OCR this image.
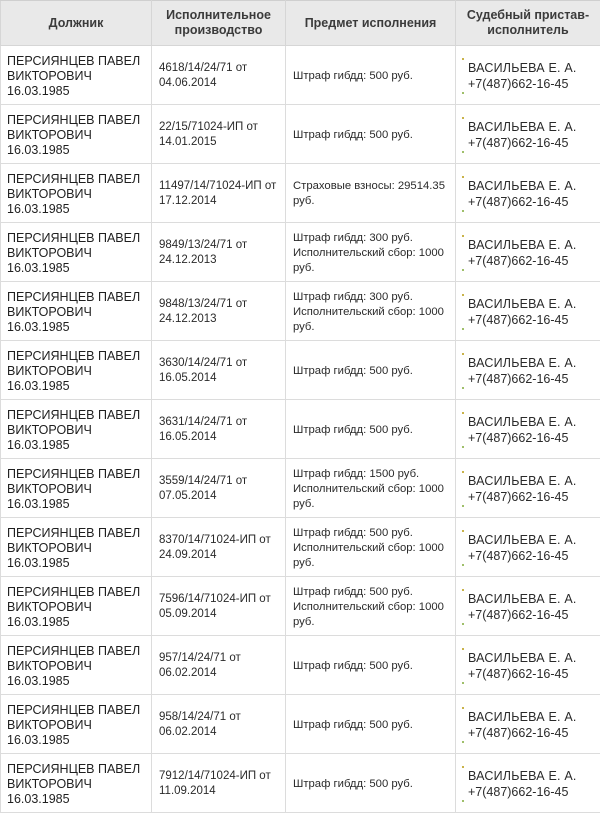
Должник	Исполнительное производство	Предмет исполнения	Судебный пристав-исполнитель

ПЕРСИЯНЦЕВ ПАВЕЛ
ВИКТОРОВИЧ
16.03.1985	4618/14/24/71 от
04.06.2014	Штраф гибдд: 500 руб.	ВАСИЛЬЕВА Е. А.
+7(487)662-16-45

ПЕРСИЯНЦЕВ ПАВЕЛ
ВИКТОРОВИЧ
16.03.1985	22/15/71024-ИП от
14.01.2015	Штраф гибдд: 500 руб.	ВАСИЛЬЕВА Е. А.
+7(487)662-16-45

ПЕРСИЯНЦЕВ ПАВЕЛ
ВИКТОРОВИЧ
16.03.1985	11497/14/71024-ИП от
17.12.2014	Страховые взносы: 29514.35
руб.	ВАСИЛЬЕВА Е. А.
+7(487)662-16-45

ПЕРСИЯНЦЕВ ПАВЕЛ
ВИКТОРОВИЧ
16.03.1985	9849/13/24/71 от
24.12.2013	Штраф гибдд: 300 руб.
Исполнительский сбор: 1000
руб.	ВАСИЛЬЕВА Е. А.
+7(487)662-16-45

ПЕРСИЯНЦЕВ ПАВЕЛ
ВИКТОРОВИЧ
16.03.1985	9848/13/24/71 от
24.12.2013	Штраф гибдд: 300 руб.
Исполнительский сбор: 1000
руб.	ВАСИЛЬЕВА Е. А.
+7(487)662-16-45

ПЕРСИЯНЦЕВ ПАВЕЛ
ВИКТОРОВИЧ
16.03.1985	3630/14/24/71 от
16.05.2014	Штраф гибдд: 500 руб.	ВАСИЛЬЕВА Е. А.
+7(487)662-16-45

ПЕРСИЯНЦЕВ ПАВЕЛ
ВИКТОРОВИЧ
16.03.1985	3631/14/24/71 от
16.05.2014	Штраф гибдд: 500 руб.	ВАСИЛЬЕВА Е. А.
+7(487)662-16-45

ПЕРСИЯНЦЕВ ПАВЕЛ
ВИКТОРОВИЧ
16.03.1985	3559/14/24/71 от
07.05.2014	Штраф гибдд: 1500 руб.
Исполнительский сбор: 1000
руб.	ВАСИЛЬЕВА Е. А.
+7(487)662-16-45

ПЕРСИЯНЦЕВ ПАВЕЛ
ВИКТОРОВИЧ
16.03.1985	8370/14/71024-ИП от
24.09.2014	Штраф гибдд: 500 руб.
Исполнительский сбор: 1000
руб.	ВАСИЛЬЕВА Е. А.
+7(487)662-16-45

ПЕРСИЯНЦЕВ ПАВЕЛ
ВИКТОРОВИЧ
16.03.1985	7596/14/71024-ИП от
05.09.2014	Штраф гибдд: 500 руб.
Исполнительский сбор: 1000
руб.	ВАСИЛЬЕВА Е. А.
+7(487)662-16-45

ПЕРСИЯНЦЕВ ПАВЕЛ
ВИКТОРОВИЧ
16.03.1985	957/14/24/71 от
06.02.2014	Штраф гибдд: 500 руб.	ВАСИЛЬЕВА Е. А.
+7(487)662-16-45

ПЕРСИЯНЦЕВ ПАВЕЛ
ВИКТОРОВИЧ
16.03.1985	958/14/24/71 от
06.02.2014	Штраф гибдд: 500 руб.	ВАСИЛЬЕВА Е. А.
+7(487)662-16-45

ПЕРСИЯНЦЕВ ПАВЕЛ
ВИКТОРОВИЧ
16.03.1985	7912/14/71024-ИП от
11.09.2014	Штраф гибдд: 500 руб.	ВАСИЛЬЕВА Е. А.
+7(487)662-16-45
